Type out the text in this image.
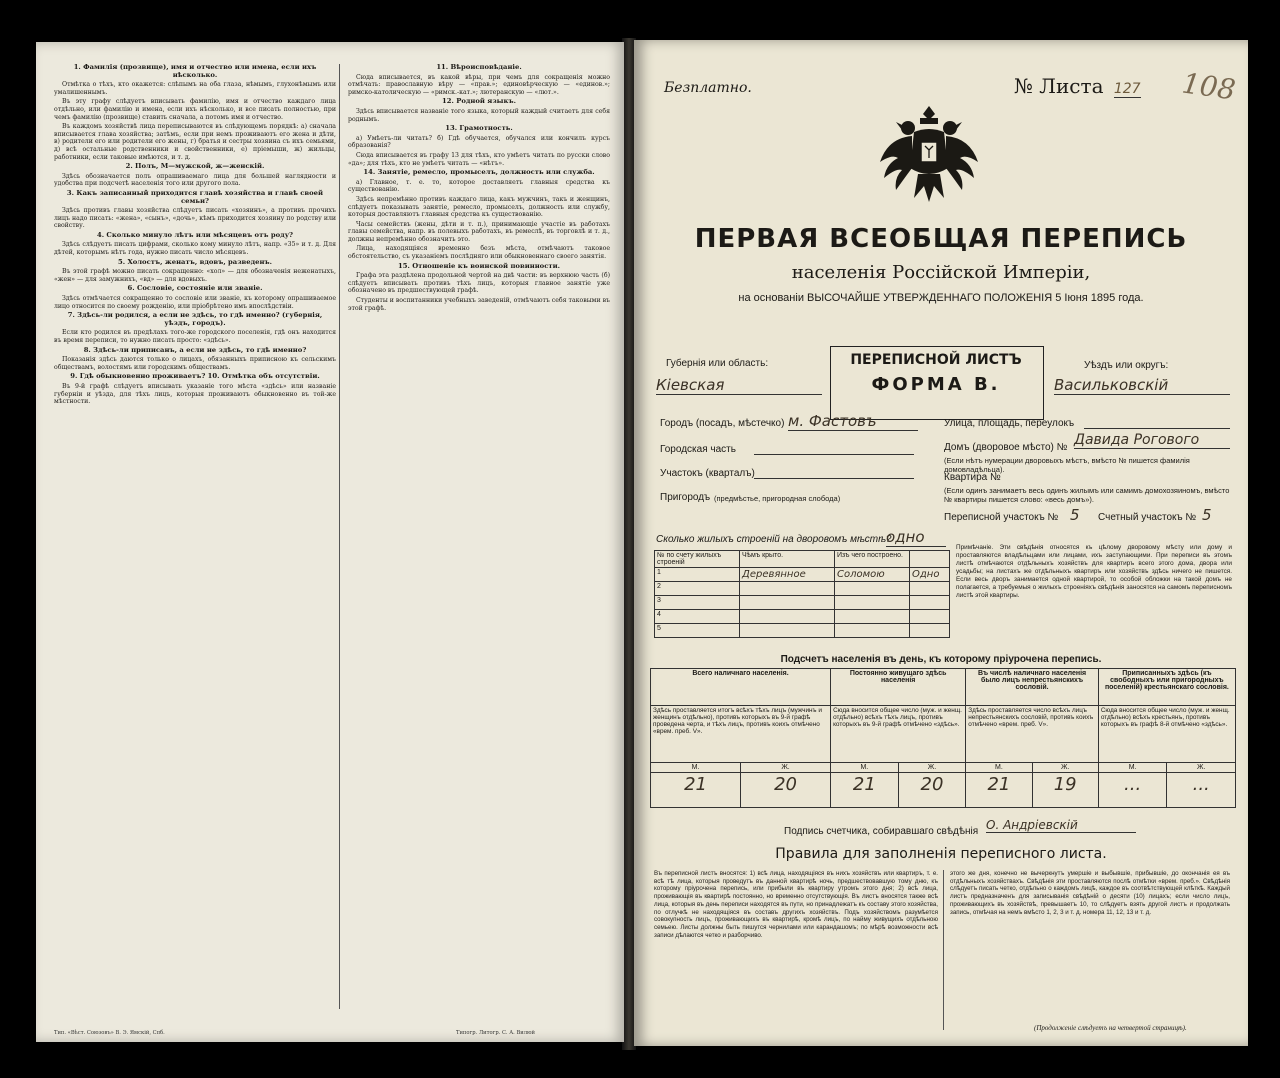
1. Фамилія (прозвище), имя и отчество или имена, если ихъ нѣсколько.

Отмѣтка о тѣхъ, кто окажется: слѣпымъ на оба глаза, нѣмымъ, глухонѣмымъ или умалишеннымъ.

Въ эту графу слѣдуетъ вписывать фамилію, имя и отчество каждаго лица отдѣльно, или фамилію и имена, если ихъ нѣсколько, и все писать полностью, при чемъ фамилію (прозвище) ставить сначала, а потомъ имя и отчество.

Въ каждомъ хозяйствѣ лица переписываются въ слѣдующемъ порядкѣ: а) сначала вписывается глава хозяйства; затѣмъ, если при немъ проживаютъ его жена и дѣти, в) родители его или родители его жены, г) братья и сестры хозяина съ ихъ семьями, д) всѣ остальные родственники и свойственники, е) пріемыши, ж) жильцы, работники, если таковые имѣются, и т. д.

2. Полъ, М—мужской, ж—женскій.

Здѣсь обозначается полъ опрашиваемаго лица для большей наглядности и удобства при подсчетѣ населенія того или другого пола.

3. Какъ записанный приходится главѣ хозяйства и главѣ своей семьи?

Здѣсь противъ главы хозяйства слѣдуетъ писать «хозяинъ», а противъ прочихъ лицъ надо писать: «жена», «сынъ», «дочь», кѣмъ приходится хозяину по родству или свойству.

4. Сколько минуло лѣтъ или мѣсяцевъ отъ роду?

Здѣсь слѣдуетъ писать цифрами, сколько кому минуло лѣтъ, напр. «35» и т. д. Для дѣтей, которымъ нѣтъ года, нужно писать число мѣсяцевъ.

5. Холостъ, женатъ, вдовъ, разведенъ.

Въ этой графѣ можно писать сокращенно: «хол» — для обозначенія неженатыхъ, «жен» — для замужнихъ, «вд» — для вдовыхъ.

6. Сословіе, состояніе или званіе.

Здѣсь отмѣчается сокращенно то сословіе или званіе, къ которому опрашиваемое лицо относится по своему рожденію, или пріобрѣтено имъ впослѣдствіи.

7. Здѣсь-ли родился, а если не здѣсь, то гдѣ именно? (губернія, уѣздъ, городъ).

Если кто родился въ предѣлахъ того-же городского поселенія, гдѣ онъ находится въ время переписи, то нужно писать просто: «здѣсь».

8. Здѣсь-ли приписанъ, а если не здѣсь, то гдѣ именно?

Показанія здѣсь даются только о лицахъ, обязанныхъ приписною къ сельскимъ обществамъ, волостямъ или городскимъ обществамъ.

9. Гдѣ обыкновенно проживаетъ? 10. Отмѣтка объ отсутствіи.

Въ 9-й графѣ слѣдуетъ вписывать указаніе того мѣста «здѣсь» или названіе губерніи и уѣзда, для тѣхъ лицъ, которыя проживаютъ обыкновенно въ той-же мѣстности.

11. Вѣроисповѣданіе.

Сюда вписывается, въ какой вѣры, при чемъ для сокращенія можно отмѣчать: православную вѣру — «прав.»; единовѣрческую — «единов.»; римско-католическую — «римск.-кат.»; лютеранскую — «лют.».

12. Родной языкъ.

Здѣсь вписывается названіе того языка, который каждый считаетъ для себя роднымъ.

13. Грамотность.

а) Умѣетъ-ли читать? б) Гдѣ обучается, обучался или кончилъ курсъ образованія?

Сюда вписывается въ графу 13 для тѣхъ, кто умѣетъ читать по русски слово «да»; для тѣхъ, кто не умѣетъ читать — «нѣтъ».

14. Занятіе, ремесло, промыселъ, должность или служба.

а) Главное, т. е. то, которое доставляетъ главныя средства къ существованію.

Здѣсь непремѣнно противъ каждаго лица, какъ мужчинъ, такъ и женщинъ, слѣдуетъ показывать занятіе, ремесло, промыселъ, должность или службу, которыя доставляютъ главныя средства къ существованію.

Часы семействъ (жены, дѣти и т. п.), принимающіе участіе въ работахъ главы семейства, напр. въ полевыхъ работахъ, въ ремеслѣ, въ торговлѣ и т. д., должны непремѣнно обозначить это.

Лица, находящіяся временно безъ мѣста, отмѣчаютъ таковое обстоятельство, съ указаніемъ послѣдняго или обыкновеннаго своего занятія.

15. Отношеніе къ воинской повинности.

Графа эта раздѣлена продольной чертой на двѣ части: въ верхнюю часть (б) слѣдуетъ вписывать противъ тѣхъ лицъ, которыя главное занятіе уже обозначено въ предшествующей графѣ.

Студенты и воспитанники учебныхъ заведеній, отмѣчаютъ себя таковыми въ этой графѣ.

Тип. «Вѣст. Союзовъ» В. Э. Ямскій, Спб.	Типогр. Литогр. С. А. Вилюй
Безплатно.	№ Листа 127 108
ПЕРВАЯ ВСЕОБЩАЯ ПЕРЕПИСЬ
населенія Россійской Имперіи,
на основаніи ВЫСОЧАЙШЕ УТВЕРЖДЕННАГО ПОЛОЖЕНІЯ 5 Іюня 1895 года.
ПЕРЕПИСНОЙ ЛИСТЪ
ФОРМА В.
Губернія или область:
Кіевская
Уѣздъ или округъ:
Васильковскій
Городъ (посадъ, мѣстечко) м. Фастовъ
Городская часть
Участокъ (кварталъ)
Пригородъ (предмѣстье, пригородная слобода)
Улица, площадь, переулокъ
Домъ (дворовое мѣсто) № Давида Рогового
(Если нѣтъ нумерации дворовыхъ мѣстъ, вмѣсто № пишется фамилія домовладѣльца).
Квартира №
(Если одинъ занимаетъ весь одинъ жилымъ или самимъ домохозяиномъ, вмѣсто № квартиры пишется слово: «весь домъ»).
Переписной участокъ № 5 Счетный участокъ № 5
Сколько жилыхъ строеній на дворовомъ мѣстѣ?
одно
№ по счету жилыхъ строеній	Чѣмъ крыто.	Изъ чего построено.	
1	Деревянное	Соломою	Одно
2			
3			
4			
5			
Примѣчаніе. Эти свѣдѣнія относятся къ цѣлому дворовому мѣсту или дому и проставляются владѣльцами или лицами, ихъ заступающими. При переписи въ этомъ листѣ отмѣчаются отдѣльныхъ хозяйствъ для квартиръ всего этого дома, двора или усадьбы; на листахъ же отдѣльныхъ квартиръ или хозяйствъ здѣсь ничего не пишется. Если весь дворъ занимается одной квартирой, то особой обложки на такой домъ не полагается, а требуемыя о жилыхъ строеніяхъ свѣдѣнія заносятся на самомъ переписномъ листѣ этой квартиры.
Подсчетъ населенія въ день, къ которому пріурочена перепись.
Всего наличнаго населенія.		Постоянно живущаго здѣсь населенія		Въ числѣ наличнаго населенія было лицъ непрестьянскихъ сословій.		Приписанныхъ здѣсь (къ свободныхъ или пригородныхъ поселеній) крестьянскаго сословія.	
Здѣсь проставляется итогъ всѣхъ тѣхъ лицъ (мужчинъ и женщинъ отдѣльно), противъ которыхъ въ 9-й графѣ проведена черта, и тѣхъ лицъ, противъ коихъ отмѣчено «врем. преб. V».		Сюда вносится общее число (муж. и женщ. отдѣльно) всѣхъ тѣхъ лицъ, противъ которыхъ въ 9-й графѣ отмѣчено «здѣсь».		Здѣсь проставляется число всѣхъ лицъ непрестьянскихъ сословій, противъ коихъ отмѣчено «врем. преб. V».		Сюда вносится общее число (муж. и женщ. отдѣльно) всѣхъ крестьянъ, противъ которыхъ въ графѣ 8-й отмѣчено «здѣсь».	
М.	Ж.	М.	Ж.	М.	Ж.	М.	Ж.
21	20	21	20	21	19	...	...
Подпись счетчика, собиравшаго свѣдѣнія О. Андріевскій
Правила для заполненія переписного листа.
Въ переписной листъ вносятся: 1) всѣ лица, находящіяся въ нихъ хозяйствъ или квартиръ, т. е. всѣ тѣ лица, которыя проведутъ въ данной квартирѣ ночь, предшествовавшую тому дню, къ которому пріурочена перепись, или прибыли въ квартиру утромъ этого дня; 2) всѣ лица, проживающія въ квартирѣ постоянно, но временно отсутствующія. Въ листъ вносятся также всѣ лица, которыя въ день переписи находятся въ пути, но принадлежатъ къ составу этого хозяйства, по отлучкѣ не находящіяся въ составъ другихъ хозяйствъ. Подъ хозяйствомъ разумѣется совокупность лицъ, проживающихъ въ квартирѣ, кромѣ лицъ, по найму живущихъ отдѣльною семьею. Листы должны быть пишутся чернилами или карандашомъ; по мѣрѣ возможности всѣ записи дѣлаются четко и разборчиво.
этого же дня, конечно не вычеркнутъ умершіе и выбывшіе, прибывшіе, до окончанія ея въ отдѣльныхъ хозяйствахъ. Свѣдѣнія эти проставляются послѣ отмѣтки «врем. преб.». Свѣдѣнія слѣдуетъ писать четко, отдѣльно о каждомъ лицѣ, каждое въ соотвѣтствующей клѣткѣ. Каждый листъ предназначенъ для записыванія свѣдѣній о десяти (10) лицахъ; если число лицъ, проживающихъ въ хозяйствѣ, превышаетъ 10, то слѣдуетъ взять другой листъ и продолжать запись, отмѣчая на немъ вмѣсто 1, 2, 3 и т. д. номера 11, 12, 13 и т. д.
(Продолженіе слѣдуетъ на четвертой страницѣ).
